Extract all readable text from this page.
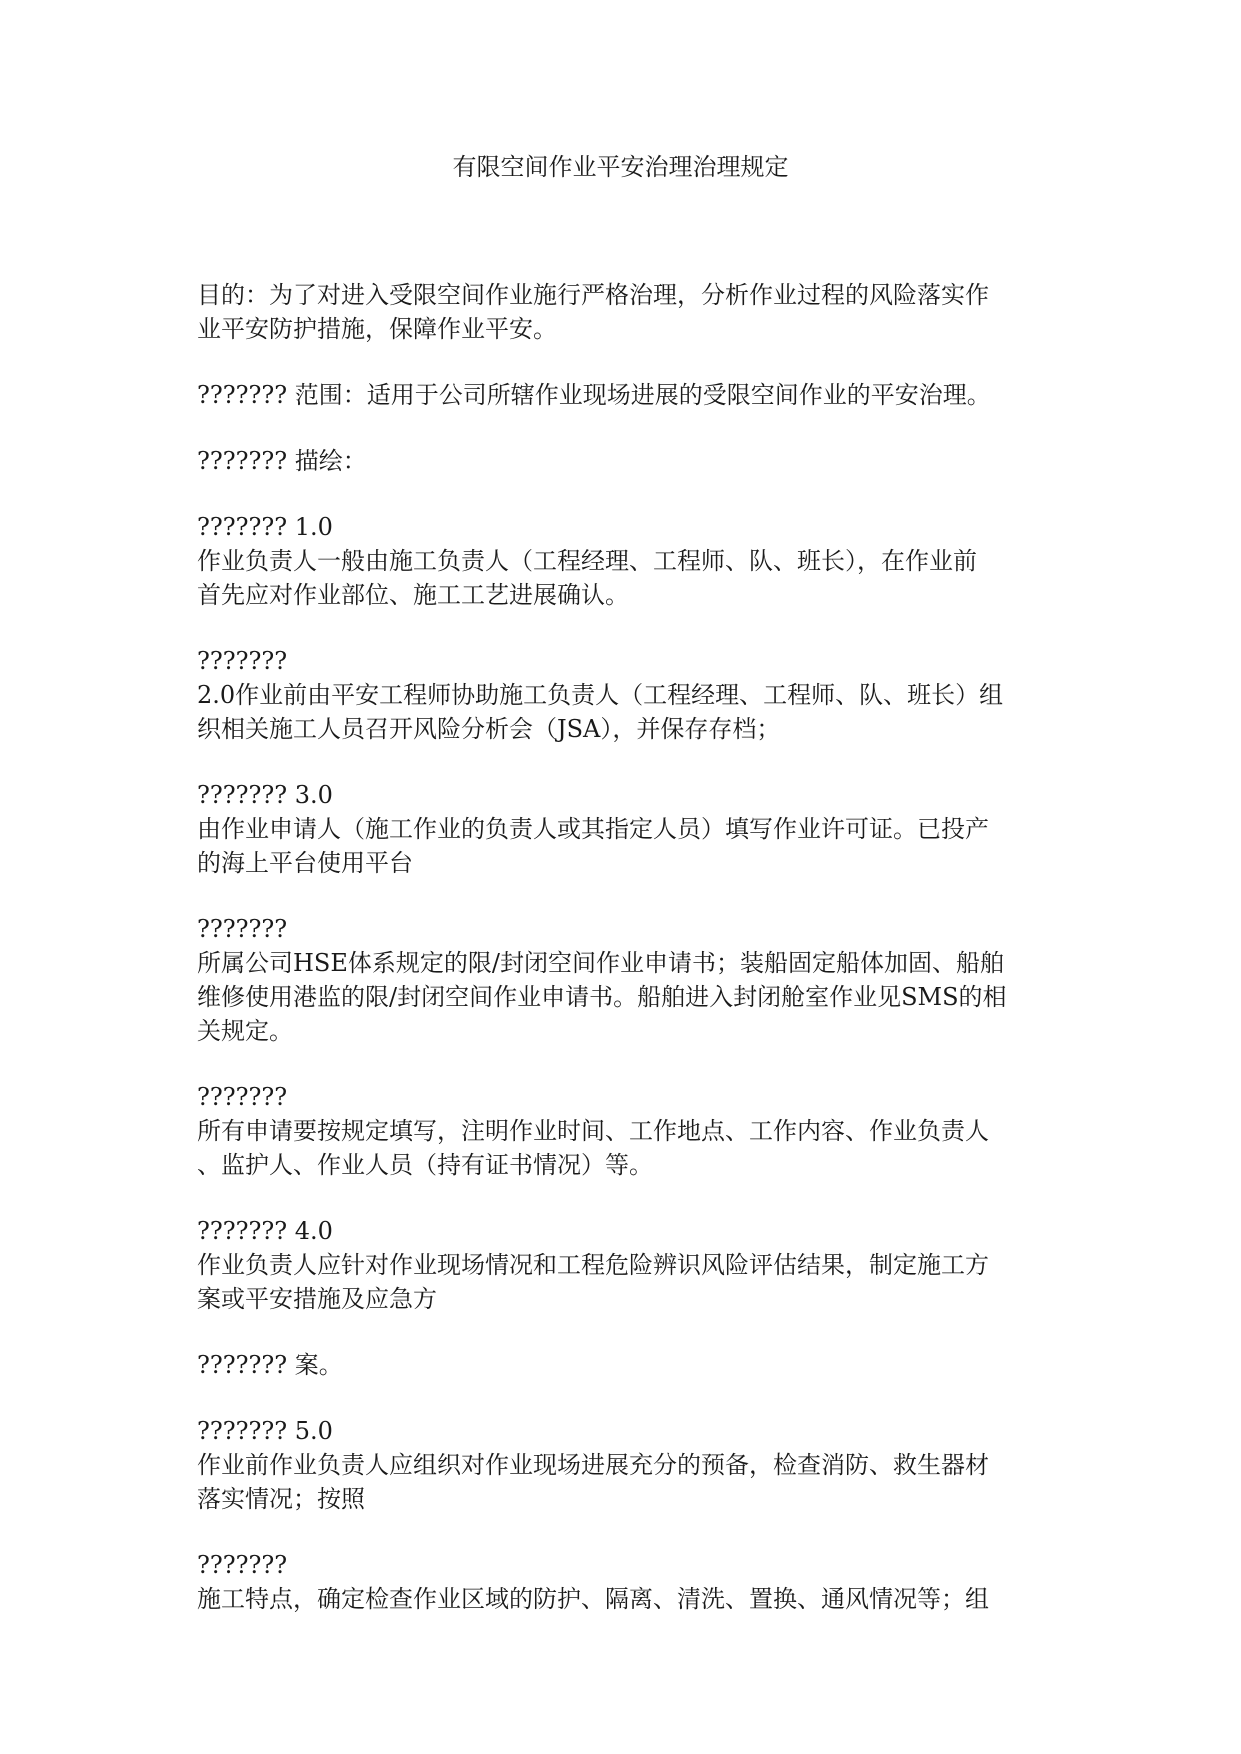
有限空间作业平安治理治理规定
目的：为了对进入受限空间作业施行严格治理，分析作业过程的风险落实作
业平安防护措施，保障作业平安。
??????? 范围：适用于公司所辖作业现场进展的受限空间作业的平安治理。
??????? 描绘：
??????? 1.0
作业负责人一般由施工负责人（工程经理、工程师、队、班长），在作业前
首先应对作业部位、施工工艺进展确认。
???????
2.0作业前由平安工程师协助施工负责人（工程经理、工程师、队、班长）组
织相关施工人员召开风险分析会（JSA），并保存存档；
??????? 3.0
由作业申请人（施工作业的负责人或其指定人员）填写作业许可证。已投产
的海上平台使用平台
???????
所属公司HSE体系规定的限/封闭空间作业申请书；装船固定船体加固、船舶
维修使用港监的限/封闭空间作业申请书。船舶进入封闭舱室作业见SMS的相
关规定。
???????
所有申请要按规定填写，注明作业时间、工作地点、工作内容、作业负责人
、监护人、作业人员（持有证书情况）等。
??????? 4.0
作业负责人应针对作业现场情况和工程危险辨识风险评估结果，制定施工方
案或平安措施及应急方
??????? 案。
??????? 5.0
作业前作业负责人应组织对作业现场进展充分的预备，检查消防、救生器材
落实情况；按照
???????
施工特点，确定检查作业区域的防护、隔离、清洗、置换、通风情况等；组
